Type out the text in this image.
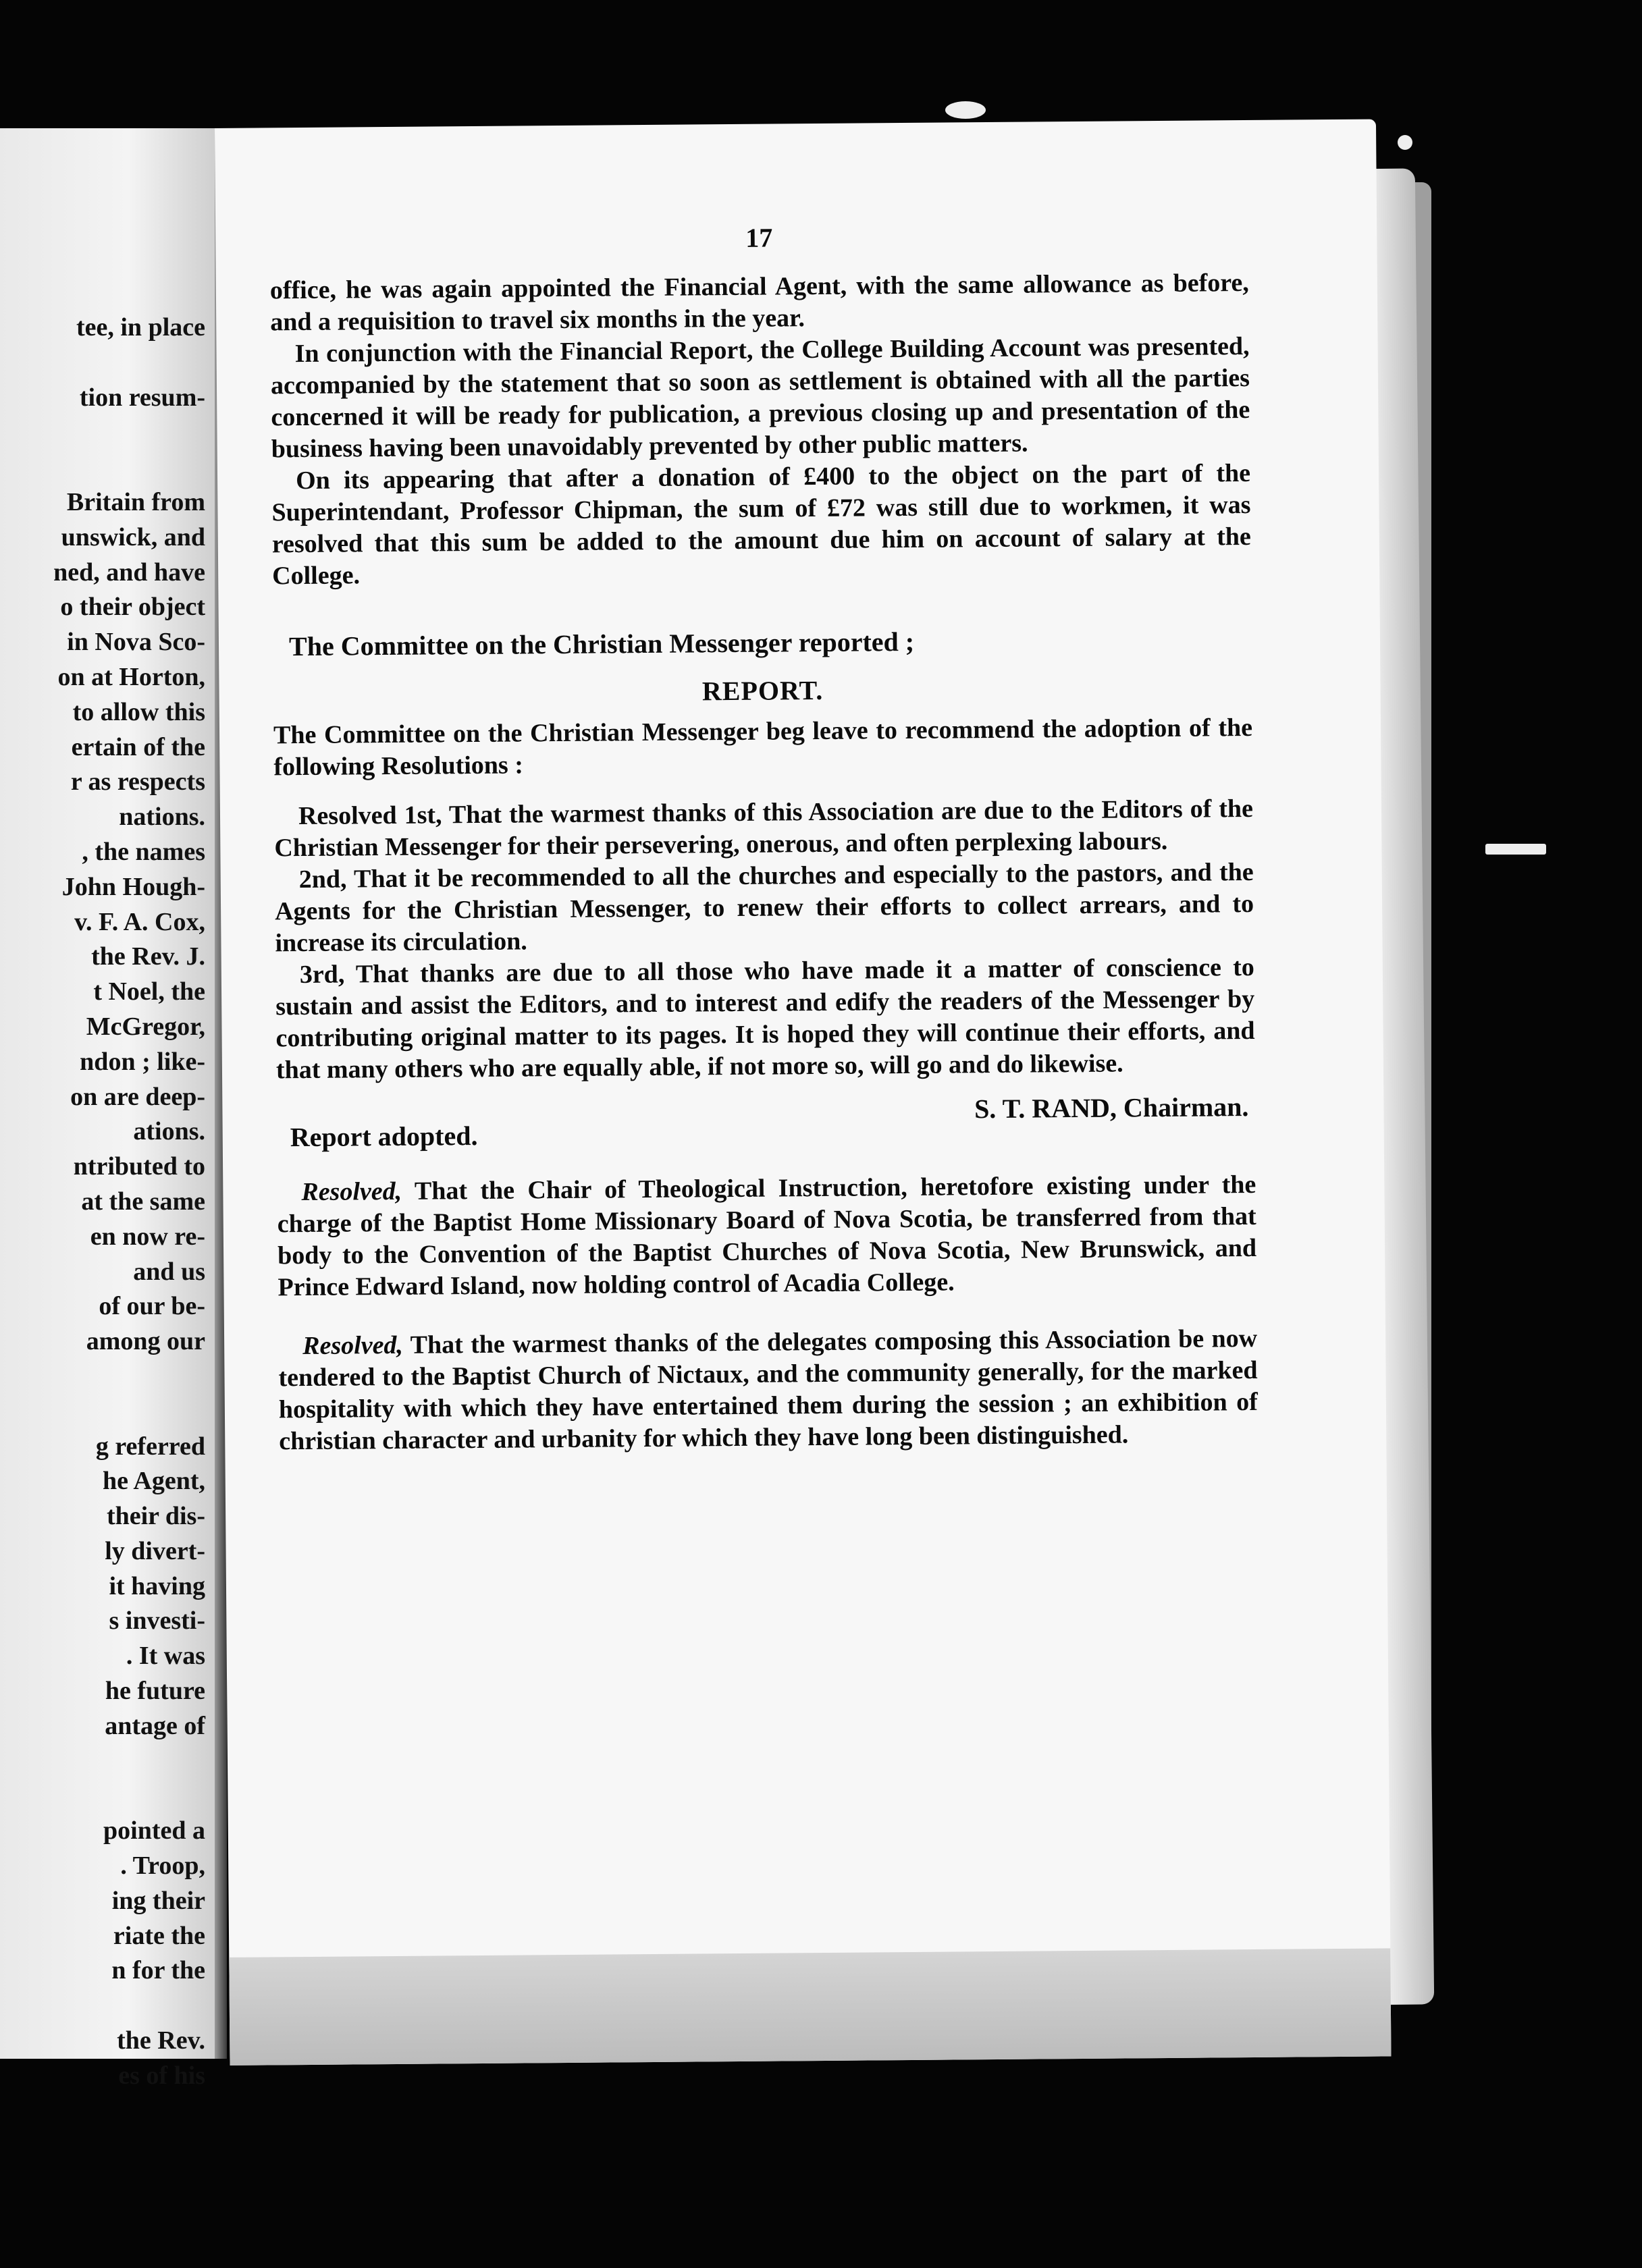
tee, in place
tion resum-
Britain from
unswick, and
ned, and have
o their object
in Nova Sco-
on at Horton,
to allow this
ertain of the
r as respects
nations.
, the names
John Hough-
v. F. A. Cox,
the Rev. J.
t Noel, the
McGregor,
ndon ; like-
on are deep-
ations.
ntributed to
at the same
en now re-
and us
of our be-
among our
g referred
he Agent,
their dis-
ly divert-
it having
s investi-
. It was
he future
antage of
pointed a
. Troop,
ing their
riate the
n for the
the Rev.
es of his
17

office, he was again appointed the Financial Agent, with the same allowance as before, and a requisition to travel six months in the year.

In conjunction with the Financial Report, the College Building Account was presented, accompanied by the statement that so soon as settlement is obtained with all the parties concerned it will be ready for publication, a previous closing up and presentation of the business having been unavoidably prevented by other public matters.

On its appearing that after a donation of £400 to the object on the part of the Superintendant, Professor Chipman, the sum of £72 was still due to workmen, it was resolved that this sum be added to the amount due him on account of salary at the College.

The Committee on the Christian Messenger reported ;
REPORT.

The Committee on the Christian Messenger beg leave to recommend the adoption of the following Resolutions :

Resolved 1st, That the warmest thanks of this Association are due to the Editors of the Christian Messenger for their persevering, onerous, and often perplexing labours.

2nd, That it be recommended to all the churches and especially to the pastors, and the Agents for the Christian Messenger, to renew their efforts to collect arrears, and to increase its circulation.

3rd, That thanks are due to all those who have made it a matter of conscience to sustain and assist the Editors, and to interest and edify the readers of the Messenger by contributing original matter to its pages. It is hoped they will continue their efforts, and that many others who are equally able, if not more so, will go and do likewise.

Report adopted.
S. T. RAND, Chairman.

Resolved, That the Chair of Theological Instruction, heretofore existing under the charge of the Baptist Home Missionary Board of Nova Scotia, be transferred from that body to the Convention of the Baptist Churches of Nova Scotia, New Brunswick, and Prince Edward Island, now holding control of Acadia College.

Resolved, That the warmest thanks of the delegates composing this Association be now tendered to the Baptist Church of Nictaux, and the community generally, for the marked hospitality with which they have entertained them during the session ; an exhibition of christian character and urbanity for which they have long been distinguished.
